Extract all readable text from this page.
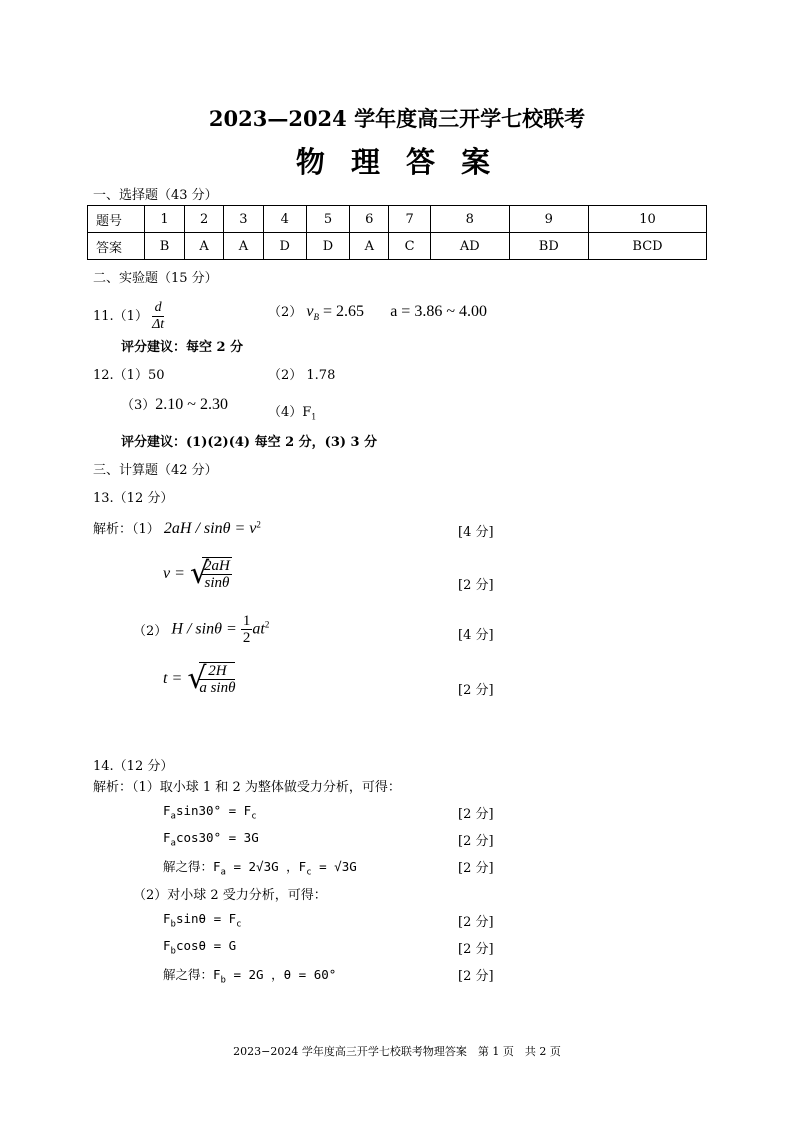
2023—2024 学年度高三开学七校联考
物 理 答 案
一、选择题（43 分）
题号	1	2	3	4	5	6	7	8	9	10
答案	B	A	A	D	D	A	C	AD	BD	BCD
二、实验题（15 分）
$11.(1) \frac{d}{\Delta t}$	（2） $v_B = 2.65$ a = 3.86 ~ 4.00
评分建议：每空 2 分
12.（1）50	（2） 1.78
（3）2.10 ~ 2.30	$(4)F_1$
评分建议：(1)(2)(4) 每空 2 分，(3) 3 分
三、计算题（42 分）
13.（12 分）
解析：（1） $2aH / \sin\theta = v^2$
[4 分]
v = √
$\frac{2aH}{\sin\theta}$	[2 分]
（2） $H / \sin\theta = \frac{1}{2} at^2$
[4 分]
t = √
$\frac{2H}{\text{a sinθ}}$	[2 分]
14.（12 分）
解析：（1）取小球 1 和 2 为整体做受力分析，可得：
$F_a\sin 30^\circ = F_c$	[2 分]
$F_a\cos 30^\circ = 3G$	[2 分]
解之得：$F_a = 2√3G$ ，$F_c = √3G$	[2 分]
（2）对小球 2 受力分析，可得：
$F_b\sin\theta = F_c$	[2 分]
$F_b\cos\theta = G$	[2 分]
解之得：$F_b = 2G$ ，θ = 60°	[2 分]
2023−2024 学年度高三开学七校联考物理答案　第 1 页　共 2 页
